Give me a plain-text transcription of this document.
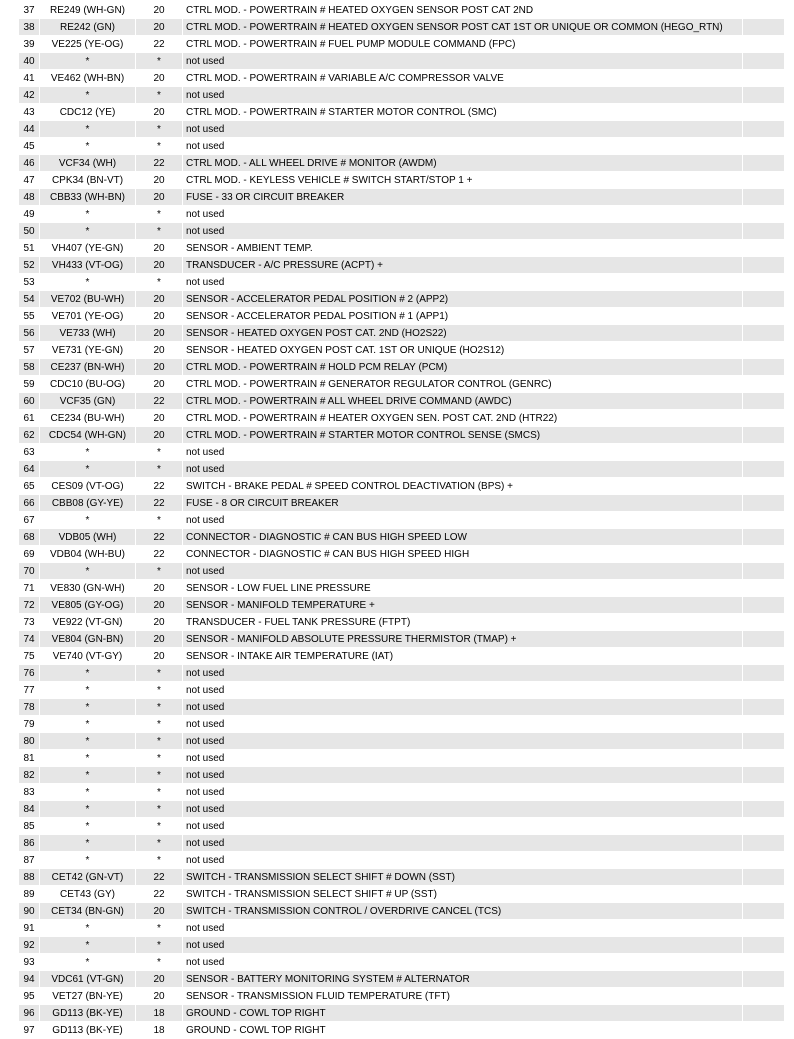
37	RE249 (WH-GN)	20	CTRL MOD. - POWERTRAIN # HEATED OXYGEN SENSOR POST CAT 2ND	
38	RE242 (GN)	20	CTRL MOD. - POWERTRAIN # HEATED OXYGEN SENSOR POST CAT 1ST OR UNIQUE OR COMMON (HEGO_RTN)	
39	VE225 (YE-OG)	22	CTRL MOD. - POWERTRAIN # FUEL PUMP MODULE COMMAND (FPC)	
40	*	*	not used	
41	VE462 (WH-BN)	20	CTRL MOD. - POWERTRAIN # VARIABLE A/C COMPRESSOR VALVE	
42	*	*	not used	
43	CDC12 (YE)	20	CTRL MOD. - POWERTRAIN # STARTER MOTOR CONTROL (SMC)	
44	*	*	not used	
45	*	*	not used	
46	VCF34 (WH)	22	CTRL MOD. - ALL WHEEL DRIVE # MONITOR (AWDM)	
47	CPK34 (BN-VT)	20	CTRL MOD. - KEYLESS VEHICLE # SWITCH START/STOP 1 +	
48	CBB33 (WH-BN)	20	FUSE - 33 OR CIRCUIT BREAKER	
49	*	*	not used	
50	*	*	not used	
51	VH407 (YE-GN)	20	SENSOR - AMBIENT TEMP.	
52	VH433 (VT-OG)	20	TRANSDUCER - A/C PRESSURE (ACPT) +	
53	*	*	not used	
54	VE702 (BU-WH)	20	SENSOR - ACCELERATOR PEDAL POSITION # 2 (APP2)	
55	VE701 (YE-OG)	20	SENSOR - ACCELERATOR PEDAL POSITION # 1 (APP1)	
56	VE733 (WH)	20	SENSOR - HEATED OXYGEN POST CAT. 2ND (HO2S22)	
57	VE731 (YE-GN)	20	SENSOR - HEATED OXYGEN POST CAT. 1ST OR UNIQUE (HO2S12)	
58	CE237 (BN-WH)	20	CTRL MOD. - POWERTRAIN # HOLD PCM RELAY (PCM)	
59	CDC10 (BU-OG)	20	CTRL MOD. - POWERTRAIN # GENERATOR REGULATOR CONTROL (GENRC)	
60	VCF35 (GN)	22	CTRL MOD. - POWERTRAIN # ALL WHEEL DRIVE COMMAND (AWDC)	
61	CE234 (BU-WH)	20	CTRL MOD. - POWERTRAIN # HEATER OXYGEN SEN. POST CAT. 2ND (HTR22)	
62	CDC54 (WH-GN)	20	CTRL MOD. - POWERTRAIN # STARTER MOTOR CONTROL SENSE (SMCS)	
63	*	*	not used	
64	*	*	not used	
65	CES09 (VT-OG)	22	SWITCH - BRAKE PEDAL # SPEED CONTROL DEACTIVATION (BPS) +	
66	CBB08 (GY-YE)	22	FUSE - 8 OR CIRCUIT BREAKER	
67	*	*	not used	
68	VDB05 (WH)	22	CONNECTOR - DIAGNOSTIC # CAN BUS HIGH SPEED LOW	
69	VDB04 (WH-BU)	22	CONNECTOR - DIAGNOSTIC # CAN BUS HIGH SPEED HIGH	
70	*	*	not used	
71	VE830 (GN-WH)	20	SENSOR - LOW FUEL LINE PRESSURE	
72	VE805 (GY-OG)	20	SENSOR - MANIFOLD TEMPERATURE +	
73	VE922 (VT-GN)	20	TRANSDUCER - FUEL TANK PRESSURE (FTPT)	
74	VE804 (GN-BN)	20	SENSOR - MANIFOLD ABSOLUTE PRESSURE THERMISTOR (TMAP) +	
75	VE740 (VT-GY)	20	SENSOR - INTAKE AIR TEMPERATURE (IAT)	
76	*	*	not used	
77	*	*	not used	
78	*	*	not used	
79	*	*	not used	
80	*	*	not used	
81	*	*	not used	
82	*	*	not used	
83	*	*	not used	
84	*	*	not used	
85	*	*	not used	
86	*	*	not used	
87	*	*	not used	
88	CET42 (GN-VT)	22	SWITCH - TRANSMISSION SELECT SHIFT # DOWN (SST)	
89	CET43 (GY)	22	SWITCH - TRANSMISSION SELECT SHIFT # UP (SST)	
90	CET34 (BN-GN)	20	SWITCH - TRANSMISSION CONTROL / OVERDRIVE CANCEL (TCS)	
91	*	*	not used	
92	*	*	not used	
93	*	*	not used	
94	VDC61 (VT-GN)	20	SENSOR - BATTERY MONITORING SYSTEM # ALTERNATOR	
95	VET27 (BN-YE)	20	SENSOR - TRANSMISSION FLUID TEMPERATURE (TFT)	
96	GD113 (BK-YE)	18	GROUND - COWL TOP RIGHT	
97	GD113 (BK-YE)	18	GROUND - COWL TOP RIGHT	
